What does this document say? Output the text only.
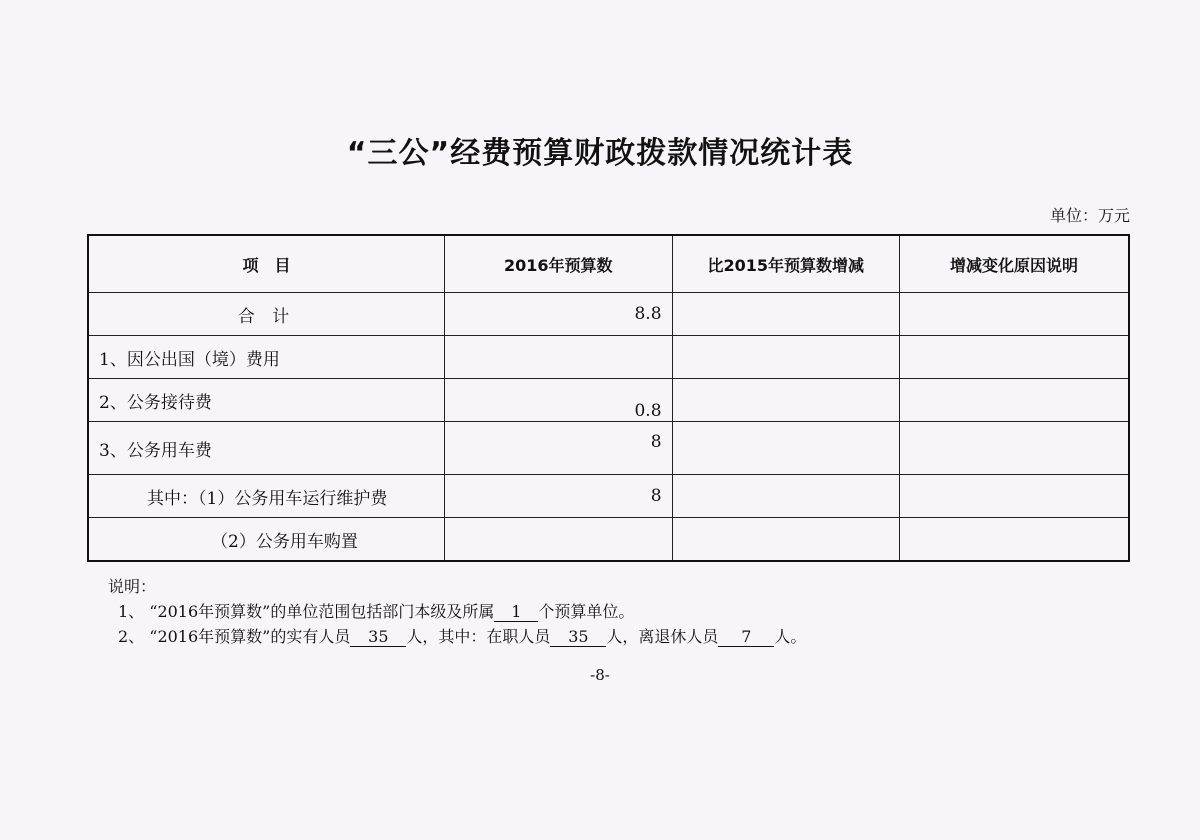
“三公”经费预算财政拨款情况统计表
单位：万元
项　目	2016年预算数	比2015年预算数增减	增减变化原因说明
合 计	8.8		
1、因公出国（境）费用			
2、公务接待费	0.8		
3、公务用车费	8		
其中：（1）公务用车运行维护费	8		
（2）公务用车购置			
说明：
1、 “2016年预算数”的单位范围包括部门本级及所属 1 个预算单位。
2、 “2016年预算数”的实有人员 35 人，其中：在职人员 35 人，离退休人员 7 人。
-8-
